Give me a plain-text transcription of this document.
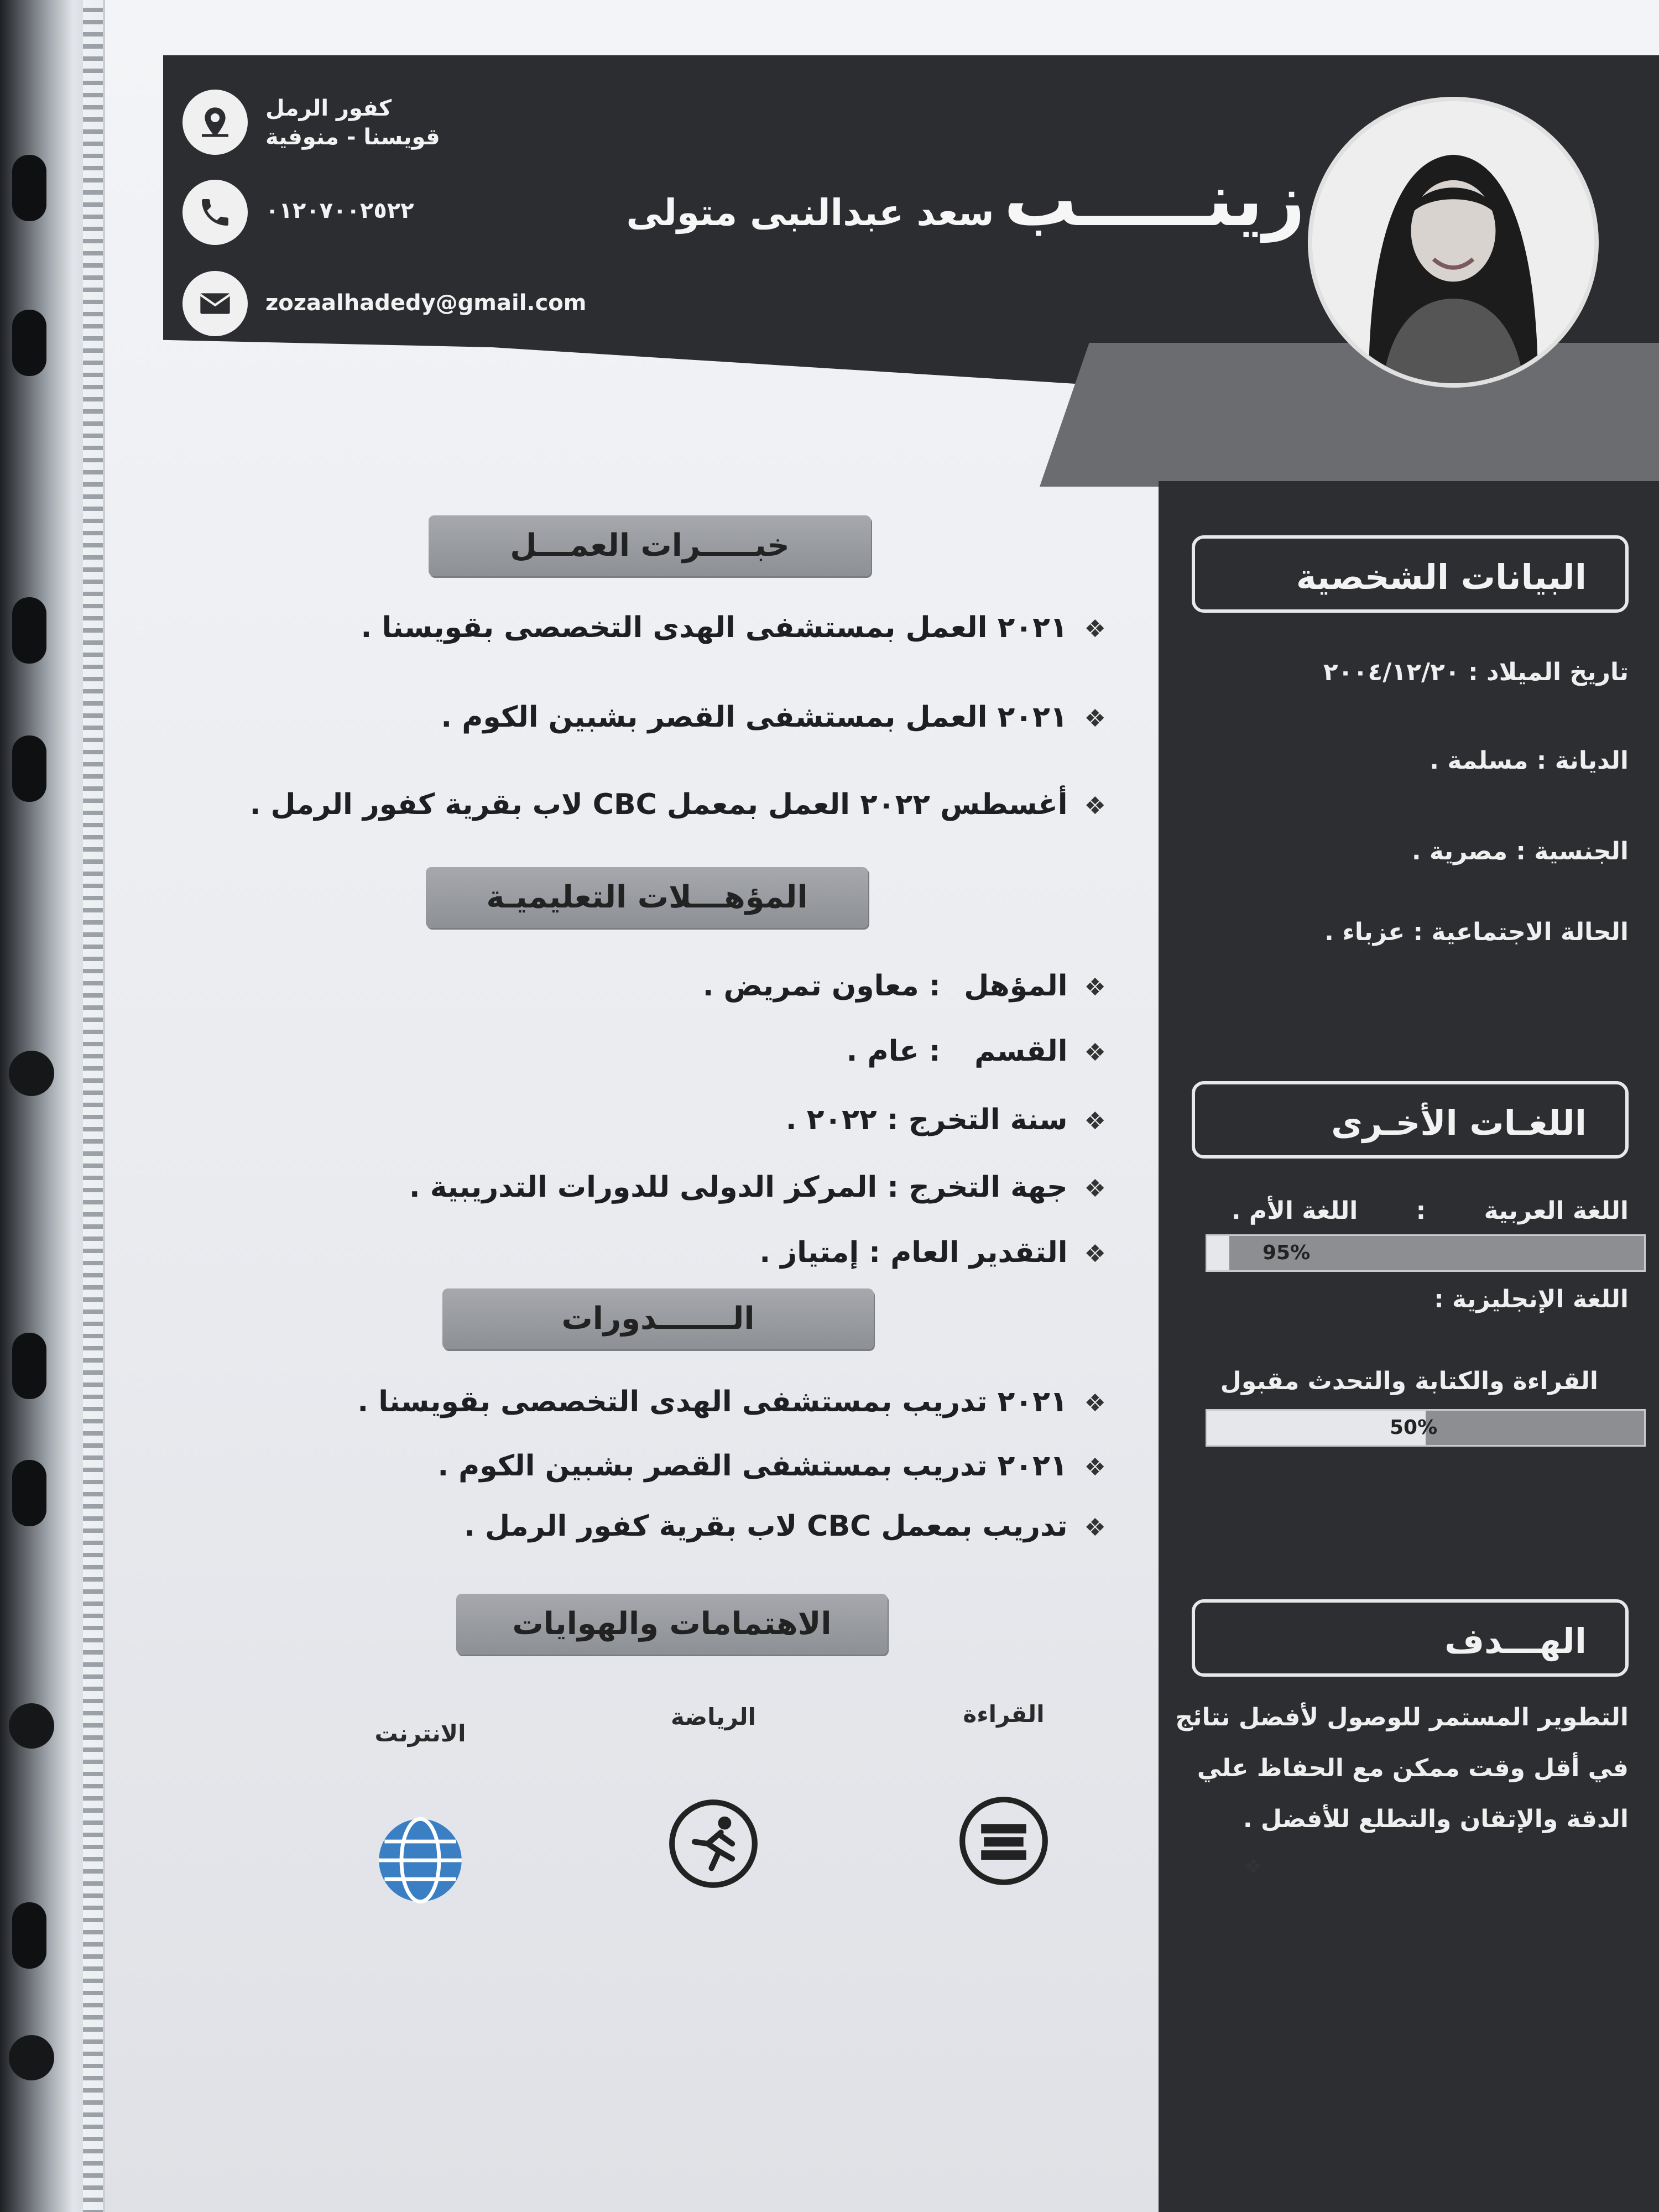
زينـــــب سعد عبدالنبى متولى
كفور الرمل
قويسنا - منوفية
٠١٢٠٧٠٠٢٥٢٢
zozaalhadedy@gmail.com
خبـــــرات العمـــل
❖٢٠٢١ العمل بمستشفى الهدى التخصصى بقويسنا .
❖٢٠٢١ العمل بمستشفى القصر بشبين الكوم .
❖أغسطس ٢٠٢٢ العمل بمعمل CBC لاب بقرية كفور الرمل .
المؤهـــلات التعليميـة
❖المؤهل: معاون تمريض .
❖القسم: عام .
❖سنة التخرج : ٢٠٢٢ .
❖جهة التخرج : المركز الدولى للدورات التدريبية .
❖التقدير العام : إمتياز .
الـــــــدورات
❖٢٠٢١ تدريب بمستشفى الهدى التخصصى بقويسنا .
❖٢٠٢١ تدريب بمستشفى القصر بشبين الكوم .
❖تدريب بمعمل CBC لاب بقرية كفور الرمل .
الاهتمامات والهوايات
القراءة
الرياضة
الانترنت
❖
البيانات الشخصية
تاريخ الميلاد : ٢٠٠٤/١٢/٢٠
الديانة : مسلمة .
الجنسية : مصرية .
الحالة الاجتماعية : عزباء .
اللغـات الأخـرى
اللغة العربية : اللغة الأم .
95%
اللغة الإنجليزية :
القراءة والكتابة والتحدث مقبول
50%
الهـــدف
التطوير المستمر للوصول لأفضل نتائج في أقل وقت ممكن مع الحفاظ علي الدقة والإتقان والتطلع للأفضل .
